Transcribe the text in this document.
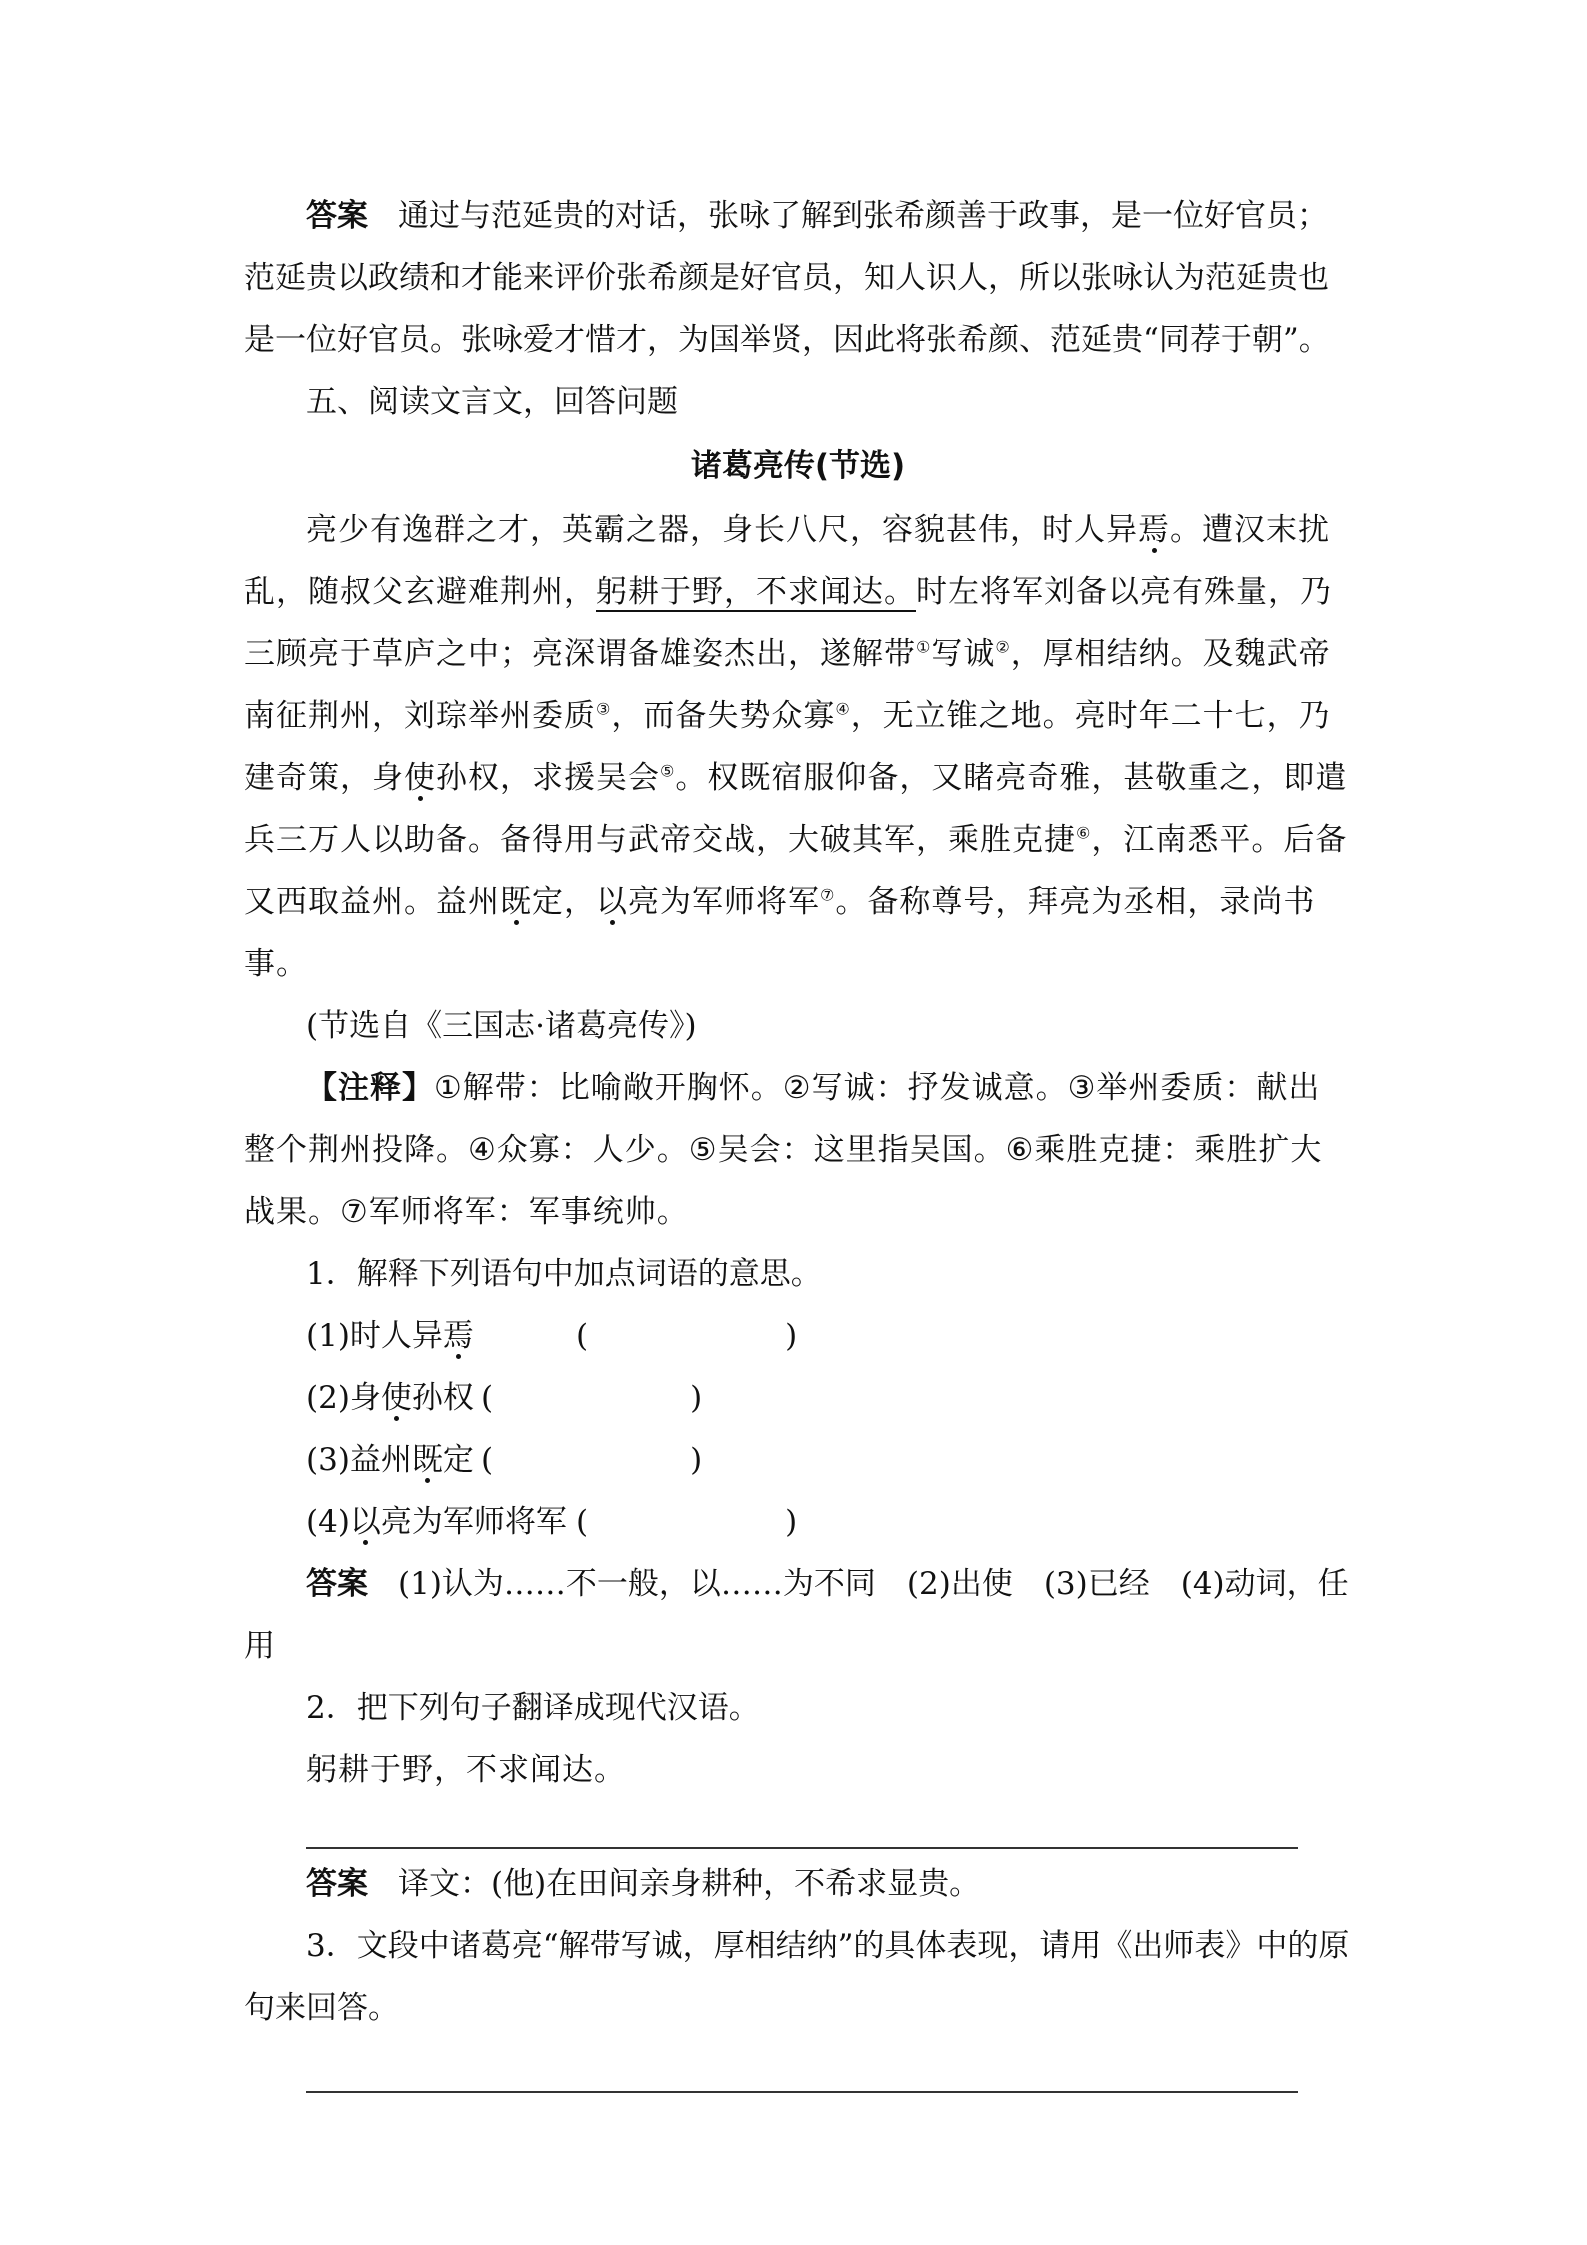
答案 通过与范延贵的对话，张咏了解到张希颜善于政事，是一位好官员；范延贵以政绩和才能来评价张希颜是好官员，知人识人，所以张咏认为范延贵也是一位好官员。张咏爱才惜才，为国举贤，因此将张希颜、范延贵“同荐于朝”。

五、阅读文言文，回答问题

诸葛亮传(节选)

亮少有逸群之才，英霸之器，身长八尺，容貌甚伟，时人异焉。遭汉末扰乱，随叔父玄避难荆州，躬耕于野，不求闻达。时左将军刘备以亮有殊量，乃三顾亮于草庐之中；亮深谓备雄姿杰出，遂解带①写诚②，厚相结纳。及魏武帝南征荆州，刘琮举州委质③，而备失势众寡④，无立锥之地。亮时年二十七，乃建奇策，身使孙权，求援吴会⑤。权既宿服仰备，又睹亮奇雅，甚敬重之，即遣兵三万人以助备。备得用与武帝交战，大破其军，乘胜克捷⑥，江南悉平。后备又西取益州。益州既定，以亮为军师将军⑦。备称尊号，拜亮为丞相，录尚书事。

(节选自《三国志·诸葛亮传》)

【注释】①解带：比喻敞开胸怀。②写诚：抒发诚意。③举州委质：献出整个荆州投降。④众寡：人少。⑤吴会：这里指吴国。⑥乘胜克捷：乘胜扩大战果。⑦军师将军：军事统帅。

1．解释下列语句中加点词语的意思。

(1)时人异焉	(                    )
(2)身使孙权 (                    )
(3)益州既定 (                    )
(4)以亮为军师将军 (                    )

答案 (1)认为……不一般，以……为不同　(2)出使　(3)已经　(4)动词，任用

2．把下列句子翻译成现代汉语。

躬耕于野，不求闻达。

答案 译文：(他)在田间亲身耕种，不希求显贵。

3．文段中诸葛亮“解带写诚，厚相结纳”的具体表现，请用《出师表》中的原句来回答。
